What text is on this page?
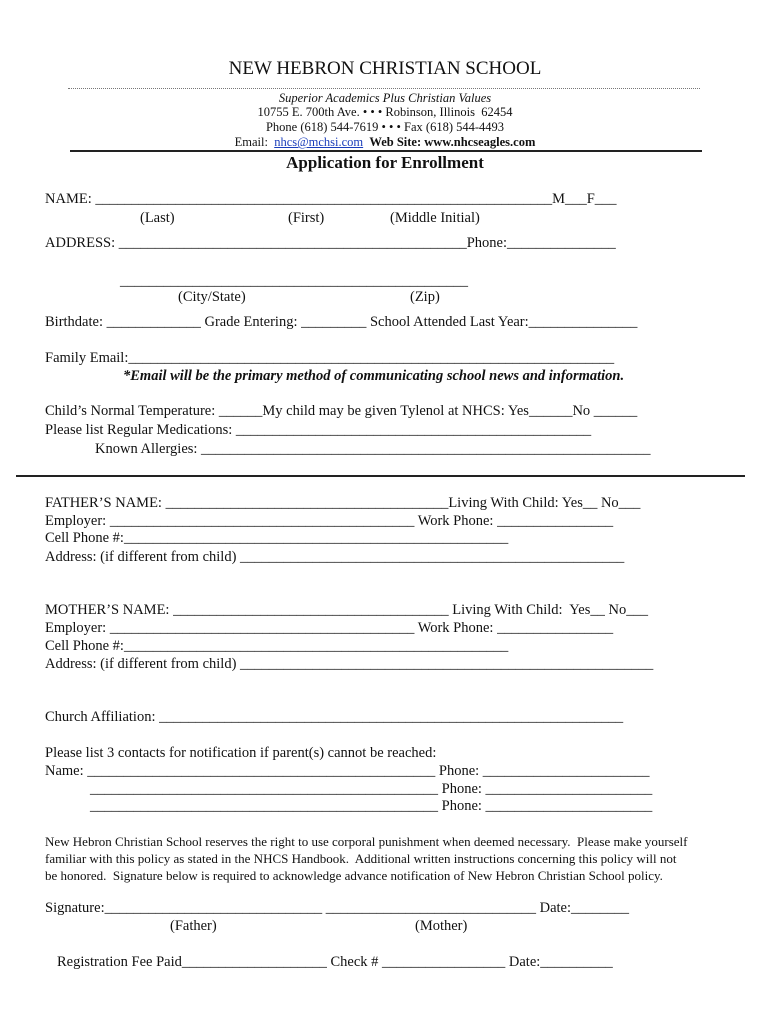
NEW HEBRON CHRISTIAN SCHOOL
Superior Academics Plus Christian Values
10755 E. 700th Ave. • • • Robinson, Illinois  62454
Phone (618) 544-7619 • • • Fax (618) 544-4493
Email: nhcs@mchsi.com Web Site: www.nhcseagles.com
Application for Enrollment
NAME: _______________________________________________________________M___F___
(Last)	(First)	(Middle Initial)
ADDRESS: ________________________________________________Phone:_______________
________________________________________________
(City/State)	(Zip)
Birthdate: _____________ Grade Entering: _________ School Attended Last Year:_______________
Family Email:___________________________________________________________________
*Email will be the primary method of communicating school news and information.
Child’s Normal Temperature: ______My child may be given Tylenol at NHCS: Yes______No ______
Please list Regular Medications: _________________________________________________
Known Allergies: ______________________________________________________________
FATHER’S NAME: _______________________________________Living With Child: Yes__ No___
Employer: __________________________________________ Work Phone: ________________
Cell Phone #:_____________________________________________________
Address: (if different from child) _____________________________________________________
MOTHER’S NAME: ______________________________________ Living With Child:  Yes__ No___
Employer: __________________________________________ Work Phone: ________________
Cell Phone #:_____________________________________________________
Address: (if different from child) _________________________________________________________
Church Affiliation: ________________________________________________________________
Please list 3 contacts for notification if parent(s) cannot be reached:
Name: ________________________________________________ Phone: _______________________
________________________________________________ Phone: _______________________
________________________________________________ Phone: _______________________
New Hebron Christian School reserves the right to use corporal punishment when deemed necessary.  Please make yourself
familiar with this policy as stated in the NHCS Handbook.  Additional written instructions concerning this policy will not
be honored.  Signature below is required to acknowledge advance notification of New Hebron Christian School policy.
Signature:______________________________ _____________________________ Date:________
(Father)	(Mother)
Registration Fee Paid____________________ Check # _________________ Date:__________
